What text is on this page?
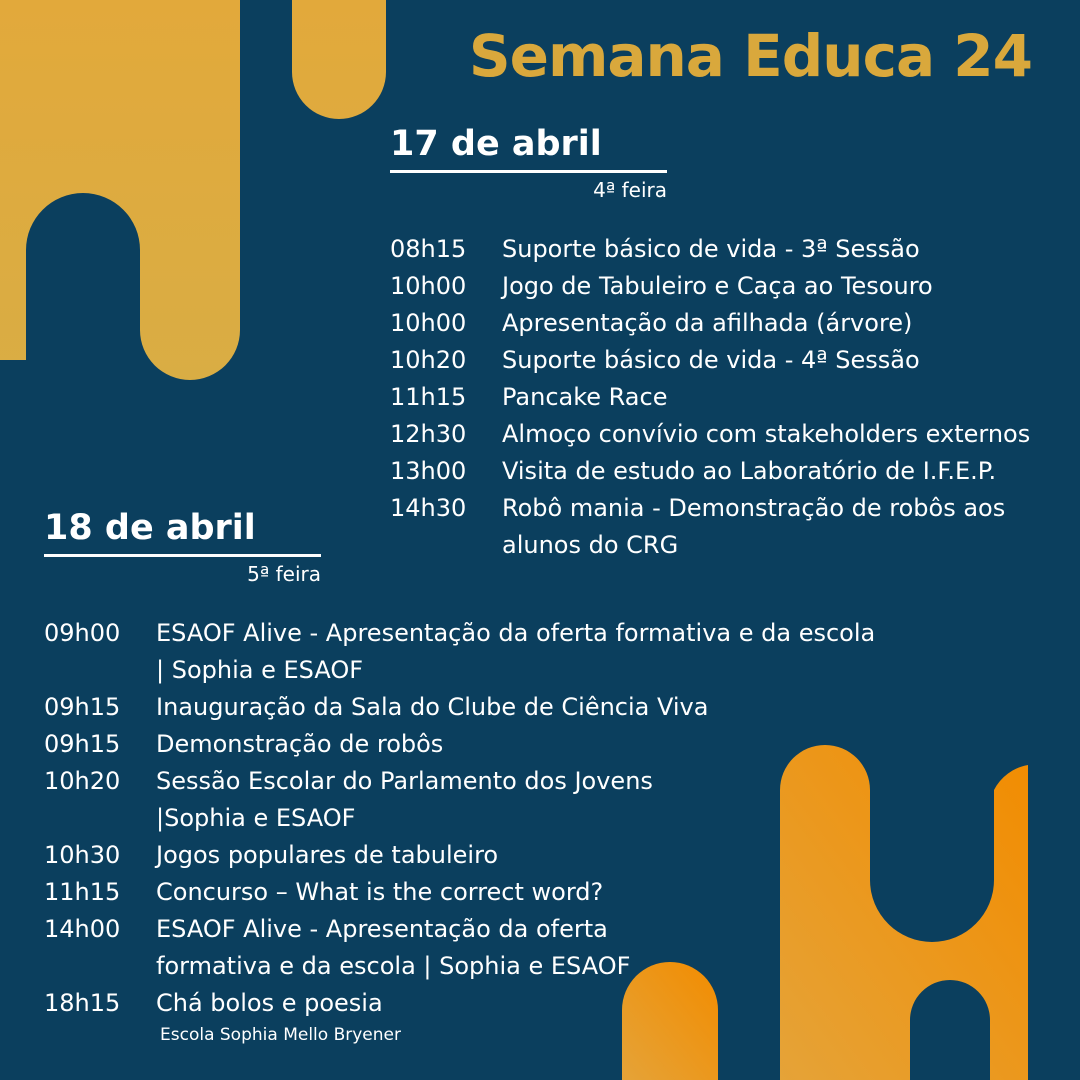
Semana Educa 24
17 de abril
4ª feira
08h15	Suporte básico de vida - 3ª Sessão
10h00	Jogo de Tabuleiro e Caça ao Tesouro
10h00	Apresentação da afilhada (árvore)
10h20	Suporte básico de vida - 4ª Sessão
11h15	Pancake Race
12h30	Almoço convívio com stakeholders externos
13h00	Visita de estudo ao Laboratório de I.F.E.P.
14h30	Robô mania - Demonstração de robôs aos
alunos do CRG
18 de abril
5ª feira
09h00	ESAOF Alive - Apresentação da oferta formativa e da escola
| Sophia e ESAOF
09h15	Inauguração da Sala do Clube de Ciência Viva
09h15	Demonstração de robôs
10h20	Sessão Escolar do Parlamento dos Jovens
|Sophia e ESAOF
10h30	Jogos populares de tabuleiro
11h15	Concurso – What is the correct word?
14h00	ESAOF Alive - Apresentação da oferta
formativa e da escola | Sophia e ESAOF
18h15	Chá bolos e poesia
Escola Sophia Mello Bryener
